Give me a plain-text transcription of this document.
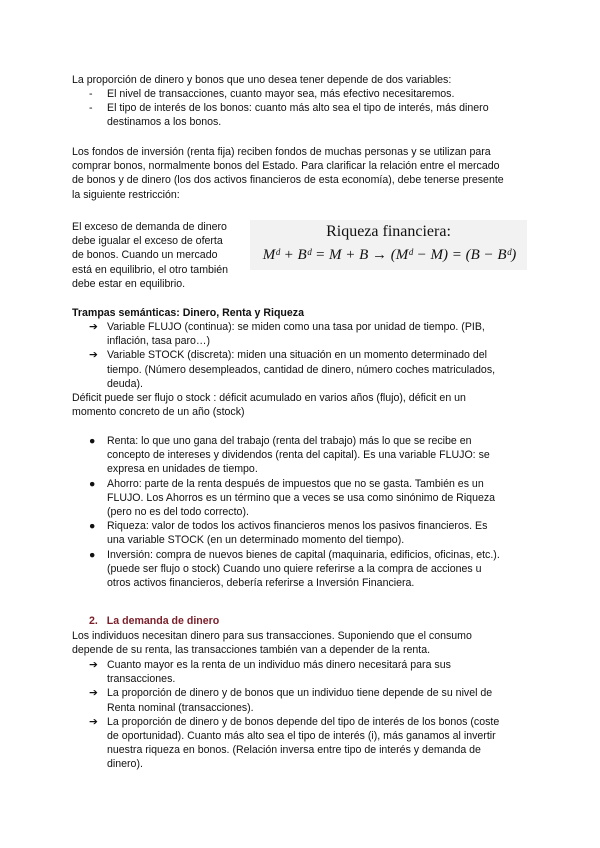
La proporción de dinero y bonos que uno desea tener depende de dos variables:

- El nivel de transacciones, cuanto mayor sea, más efectivo necesitaremos.
- El tipo de interés de los bonos: cuanto más alto sea el tipo de interés, más dinero
destinamos a los bonos.
Los fondos de inversión (renta fija) reciben fondos de muchas personas y se utilizan para
comprar bonos, normalmente bonos del Estado. Para clarificar la relación entre el mercado
de bonos y de dinero (los dos activos financieros de esta economía), debe tenerse presente
la siguiente restricción:
El exceso de demanda de dinero
debe igualar el exceso de oferta
de bonos. Cuando un mercado
está en equilibrio, el otro también
debe estar en equilibrio.
Riqueza financiera:
Mᵈ + Bᵈ = M + B → (Mᵈ − M) = (B − Bᵈ)

Trampas semánticas: Dinero, Renta y Riqueza

➔ Variable FLUJO (continua): se miden como una tasa por unidad de tiempo. (PIB,
inflación, tasa paro…)
➔ Variable STOCK (discreta): miden una situación en un momento determinado del
tiempo. (Número desempleados, cantidad de dinero, número coches matriculados,
deuda).
Déficit puede ser flujo o stock : déficit acumulado en varios años (flujo), déficit en un
momento concreto de un año (stock)
● Renta: lo que uno gana del trabajo (renta del trabajo) más lo que se recibe en
concepto de intereses y dividendos (renta del capital). Es una variable FLUJO: se
expresa en unidades de tiempo.
● Ahorro: parte de la renta después de impuestos que no se gasta. También es un
FLUJO. Los Ahorros es un término que a veces se usa como sinónimo de Riqueza
(pero no es del todo correcto).
● Riqueza: valor de todos los activos financieros menos los pasivos financieros. Es
una variable STOCK (en un determinado momento del tiempo).
● Inversión: compra de nuevos bienes de capital (maquinaria, edificios, oficinas, etc.).
(puede ser flujo o stock) Cuando uno quiere referirse a la compra de acciones u
otros activos financieros, debería referirse a Inversión Financiera.
2. La demanda de dinero
Los individuos necesitan dinero para sus transacciones. Suponiendo que el consumo
depende de su renta, las transacciones también van a depender de la renta.
➔ Cuanto mayor es la renta de un individuo más dinero necesitará para sus
transacciones.
➔ La proporción de dinero y de bonos que un individuo tiene depende de su nivel de
Renta nominal (transacciones).
➔ La proporción de dinero y de bonos depende del tipo de interés de los bonos (coste
de oportunidad). Cuanto más alto sea el tipo de interés (i), más ganamos al invertir
nuestra riqueza en bonos. (Relación inversa entre tipo de interés y demanda de
dinero).
